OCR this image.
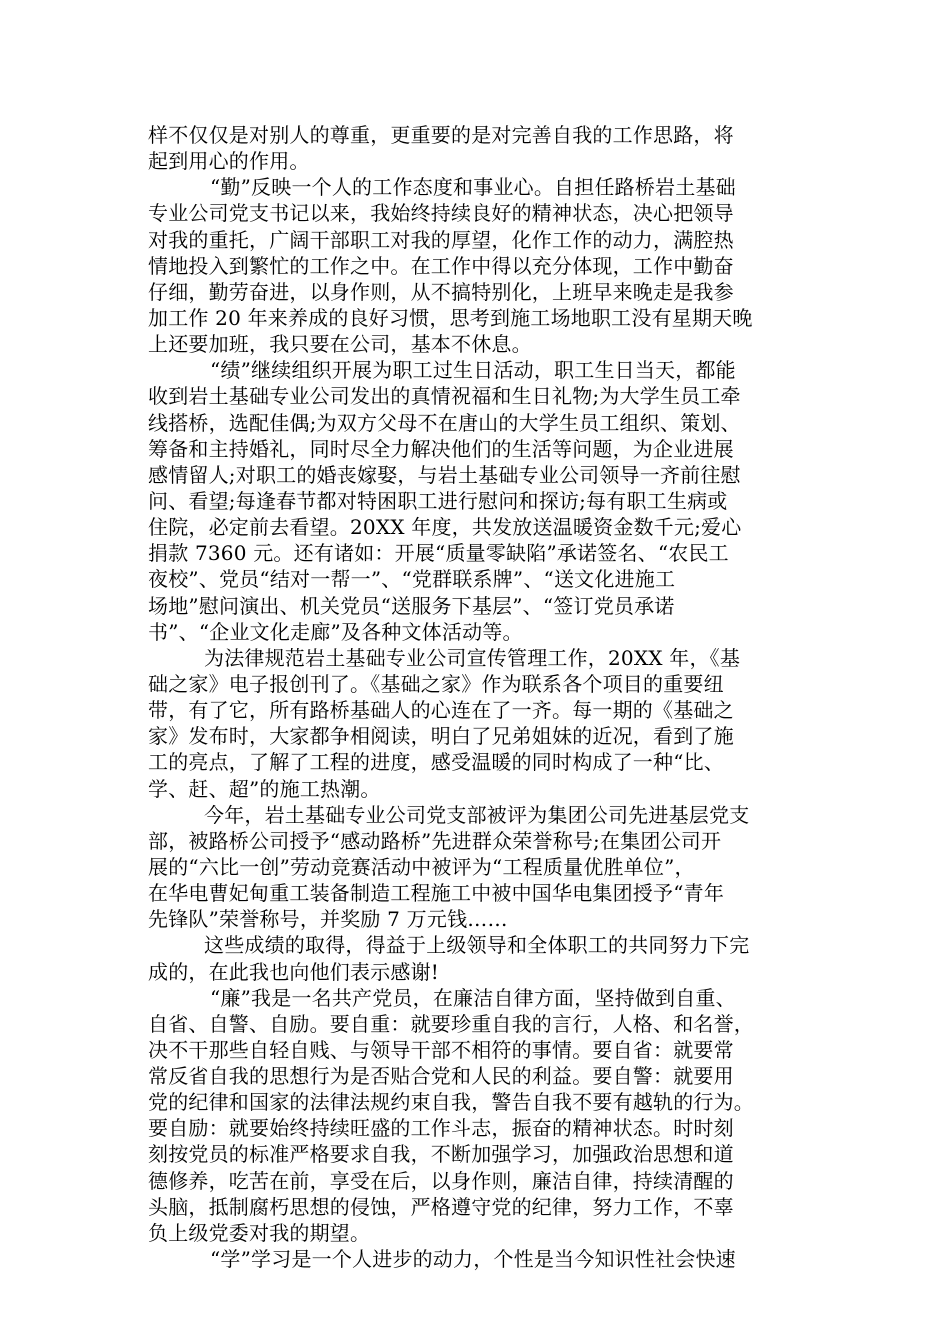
样不仅仅是对别人的尊重，更重要的是对完善自我的工作思路，将
起到用心的作用。
“勤”反映一个人的工作态度和事业心。自担任路桥岩土基础
专业公司党支书记以来，我始终持续良好的精神状态，决心把领导
对我的重托，广阔干部职工对我的厚望，化作工作的动力，满腔热
情地投入到繁忙的工作之中。在工作中得以充分体现，工作中勤奋
仔细，勤劳奋进，以身作则，从不搞特别化，上班早来晚走是我参
加工作 20 年来养成的良好习惯，思考到施工场地职工没有星期天晚
上还要加班，我只要在公司，基本不休息。
“绩”继续组织开展为职工过生日活动，职工生日当天，都能
收到岩土基础专业公司发出的真情祝福和生日礼物;为大学生员工牵
线搭桥，选配佳偶;为双方父母不在唐山的大学生员工组织、策划、
筹备和主持婚礼，同时尽全力解决他们的生活等问题，为企业进展
感情留人;对职工的婚丧嫁娶，与岩土基础专业公司领导一齐前往慰
问、看望;每逢春节都对特困职工进行慰问和探访;每有职工生病或
住院，必定前去看望。20XX 年度，共发放送温暖资金数千元;爱心
捐款 7360 元。还有诸如：开展“质量零缺陷”承诺签名、“农民工
夜校”、党员“结对一帮一”、“党群联系牌”、“送文化进施工
场地”慰问演出、机关党员“送服务下基层”、“签订党员承诺
书”、“企业文化走廊”及各种文体活动等。
为法律规范岩土基础专业公司宣传管理工作，20XX 年，《基
础之家》电子报创刊了。《基础之家》作为联系各个项目的重要纽
带，有了它，所有路桥基础人的心连在了一齐。每一期的《基础之
家》发布时，大家都争相阅读，明白了兄弟姐妹的近况，看到了施
工的亮点，了解了工程的进度，感受温暖的同时构成了一种“比、
学、赶、超”的施工热潮。
今年，岩土基础专业公司党支部被评为集团公司先进基层党支
部，被路桥公司授予“感动路桥”先进群众荣誉称号;在集团公司开
展的“六比一创”劳动竞赛活动中被评为“工程质量优胜单位”，
在华电曹妃甸重工装备制造工程施工中被中国华电集团授予“青年
先锋队”荣誉称号，并奖励 7 万元钱……
这些成绩的取得，得益于上级领导和全体职工的共同努力下完
成的，在此我也向他们表示感谢!
“廉”我是一名共产党员，在廉洁自律方面，坚持做到自重、
自省、自警、自励。要自重：就要珍重自我的言行，人格、和名誉，
决不干那些自轻自贱、与领导干部不相符的事情。要自省：就要常
常反省自我的思想行为是否贴合党和人民的利益。要自警：就要用
党的纪律和国家的法律法规约束自我，警告自我不要有越轨的行为。
要自励：就要始终持续旺盛的工作斗志，振奋的精神状态。时时刻
刻按党员的标准严格要求自我，不断加强学习，加强政治思想和道
德修养，吃苦在前，享受在后，以身作则，廉洁自律，持续清醒的
头脑，抵制腐朽思想的侵蚀，严格遵守党的纪律，努力工作，不辜
负上级党委对我的期望。
“学”学习是一个人进步的动力，个性是当今知识性社会快速
